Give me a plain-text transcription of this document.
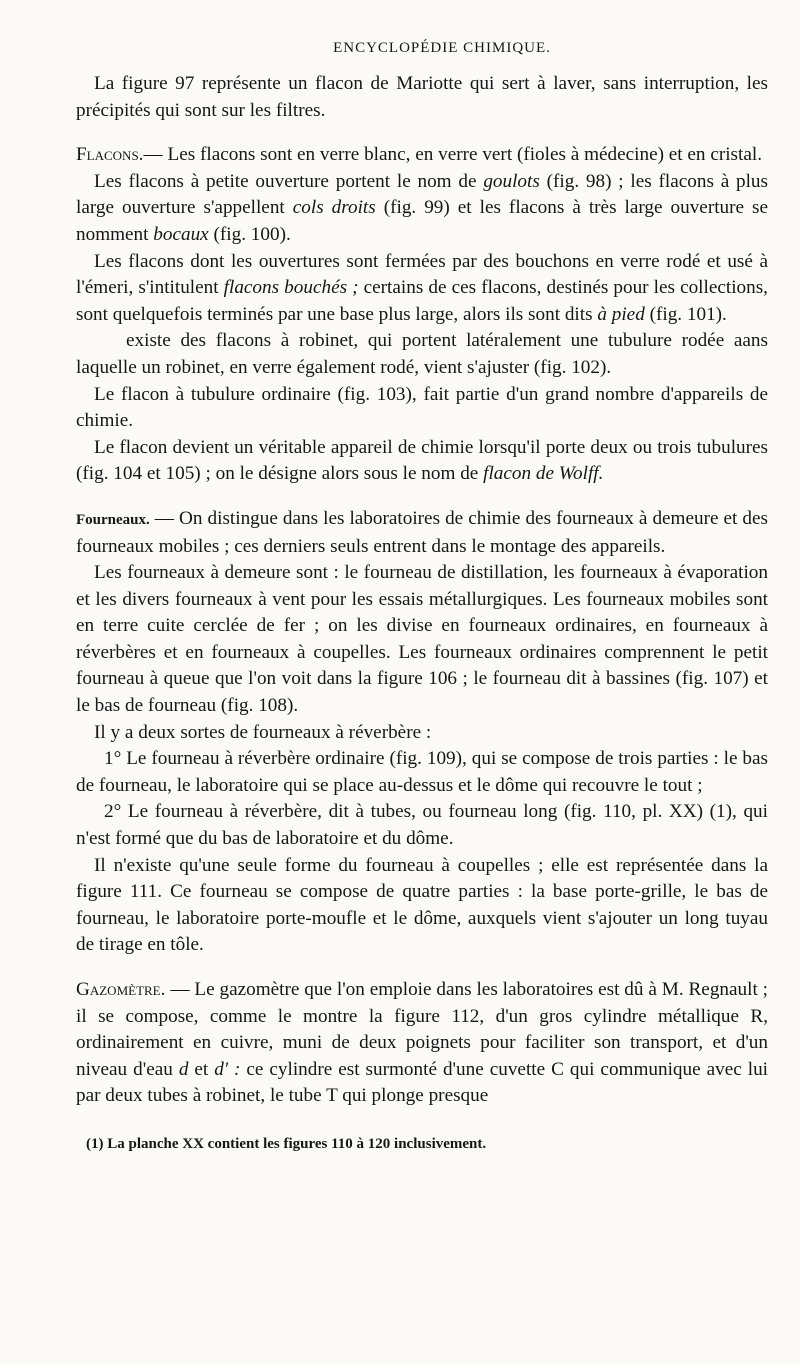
ENCYCLOPÉDIE CHIMIQUE.

La figure 97 représente un flacon de Mariotte qui sert à laver, sans interruption, les précipités qui sont sur les filtres.

Flacons.— Les flacons sont en verre blanc, en verre vert (fioles à médecine) et en cristal.

Les flacons à petite ouverture portent le nom de goulots (fig. 98) ; les flacons à plus large ouverture s'appellent cols droits (fig. 99) et les flacons à très large ouverture se nomment bocaux (fig. 100).

Les flacons dont les ouvertures sont fermées par des bouchons en verre rodé et usé à l'émeri, s'intitulent flacons bouchés ; certains de ces flacons, destinés pour les collections, sont quelquefois terminés par une base plus large, alors ils sont dits à pied (fig. 101).

existe des flacons à robinet, qui portent latéralement une tubulure rodée aans laquelle un robinet, en verre également rodé, vient s'ajuster (fig. 102).

Le flacon à tubulure ordinaire (fig. 103), fait partie d'un grand nombre d'appareils de chimie.

Le flacon devient un véritable appareil de chimie lorsqu'il porte deux ou trois tubulures (fig. 104 et 105) ; on le désigne alors sous le nom de flacon de Wolff.

Fourneaux. — On distingue dans les laboratoires de chimie des fourneaux à demeure et des fourneaux mobiles ; ces derniers seuls entrent dans le montage des appareils.

Les fourneaux à demeure sont : le fourneau de distillation, les fourneaux à évaporation et les divers fourneaux à vent pour les essais métallurgiques. Les fourneaux mobiles sont en terre cuite cerclée de fer ; on les divise en fourneaux ordinaires, en fourneaux à réverbères et en fourneaux à coupelles. Les fourneaux ordinaires comprennent le petit fourneau à queue que l'on voit dans la figure 106 ; le fourneau dit à bassines (fig. 107) et le bas de fourneau (fig. 108).

Il y a deux sortes de fourneaux à réverbère :

1° Le fourneau à réverbère ordinaire (fig. 109), qui se compose de trois parties : le bas de fourneau, le laboratoire qui se place au-dessus et le dôme qui recouvre le tout ;

2° Le fourneau à réverbère, dit à tubes, ou fourneau long (fig. 110, pl. XX) (1), qui n'est formé que du bas de laboratoire et du dôme.

Il n'existe qu'une seule forme du fourneau à coupelles ; elle est représentée dans la figure 111. Ce fourneau se compose de quatre parties : la base porte-grille, le bas de fourneau, le laboratoire porte-moufle et le dôme, auxquels vient s'ajouter un long tuyau de tirage en tôle.

Gazomètre. — Le gazomètre que l'on emploie dans les laboratoires est dû à M. Regnault ; il se compose, comme le montre la figure 112, d'un gros cylindre métallique R, ordinairement en cuivre, muni de deux poignets pour faciliter son transport, et d'un niveau d'eau d et d' : ce cylindre est surmonté d'une cuvette C qui communique avec lui par deux tubes à robinet, le tube T qui plonge presque

(1) La planche XX contient les figures 110 à 120 inclusivement.
